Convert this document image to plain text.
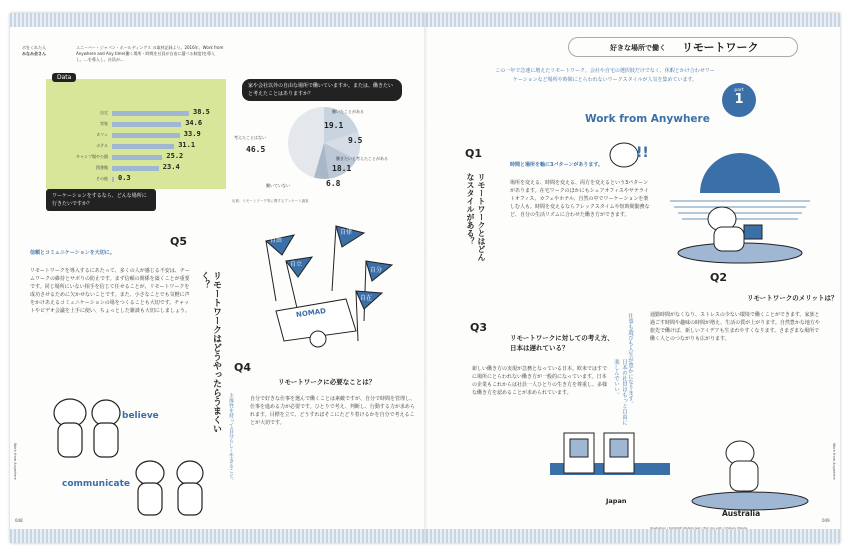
ボをくれた人
みなみ会さん
ユニーバー・ジャパン・ホールディングス の取材記録より。2016年、Work from Anywhere and Any time(働く場所・時間を社員が自由に選べる制度)を導入し、...を導入し、社員が...
Data
自宅	38.5
実家	34.6
カフェ	33.9
ホテル	31.1
キャンプ場や公園	25.2
図書館	23.4
その他 0.3
ワーケーションをするなら、どんな場所に行きたいですか？
家や会社以外の自由な場所で働いていますか。または、働きたいと考えたことはありますか？
働いたことがある
19.1
9.5
働きたいと考えたことがある
18.1
考えたことはない
46.5
働いていない	6.8
出典：リモートワーク等に関するアンケート調査
Q5
信頼とコミュニケーションを大切に。
リモートワークを導入するにあたって、多くの人が感じる不安は、チームワークの維持とサボりの防止です。まず信頼の関係を築くことが重要です。同じ場所にいない相手を信じて任せることが、リモートワークを成功させるために欠かせないことです。また、小さなことでも気軽に声をかけあえるコミュニケーションの場をつくることも大切です。チャットやビデオ会議を上手に使い、ちょっとした雑談も大切にしましょう。	リモートワークはどうやったらうまくいく？
主体性を持って自分らしく生きること。
NOMAD
自由
自律
自立
自分
自在
Q4
リモートワークに必要なことは？
自分で好きな仕事を選んで働くことは素敵ですが、自分で時間を管理し、仕事を進める力が必要です。ひとりで考え、判断し、行動する力が求められます。目標を立て、どうすればそこにたどり着けるかを自分で考えることが大切です。
believe
communicate
048
Work from Anywhere
好きな場所で働く リモートワーク
この一年で急速に増えたリモートワーク。会社や自宅の選択肢だけでなく、休暇とかけ合わせワーケーションなど場所や時間にとらわれないワークスタイルが人気を集めています。
part
1
Work from Anywhere
Q1
リモートワークとはどんなスタイルがある？
時間と場所を軸に3パターンがあります。
場所を変える、時間を変える、両方を変えるという3パターンがあります。在宅ワークのほかにもシェアオフィスやサテライトオフィス、カフェやホテル、自然の中でワーケーションを楽しむ人も。時間を変えるならフレックスタイムや短時間勤務など、自分の生活リズムに合わせた働き方ができます。
!!
Q2
リモートワークのメリットは？
仕事も遊びも人生が豊かになります。	通勤時間がなくなり、ストレスの少ない環境で働くことができます。家族と過ごす時間や趣味の時間が増え、生活の質が上がります。自然豊かな地方や旅先で働けば、新しいアイデアも生まれやすくなります。さまざまな場所で働く人とのつながりも広がります。
Q3
リモートワークに対しての考え方、
日本は遅れている？
新しい働き方の実現が急務となっている日本。欧米ではすでに場所にとらわれない働き方が一般的になっています。日本の企業もこれからは社員一人ひとりの生き方を尊重し、多様な働き方を認めることが求められています。	日本の社員はもっと自由に楽しんでいい。
Japan
Australia
Illustration / DAISUKE OKADA text / Emi Ujo edit / Chiharu Mizuta
049
Work from Anywhere
